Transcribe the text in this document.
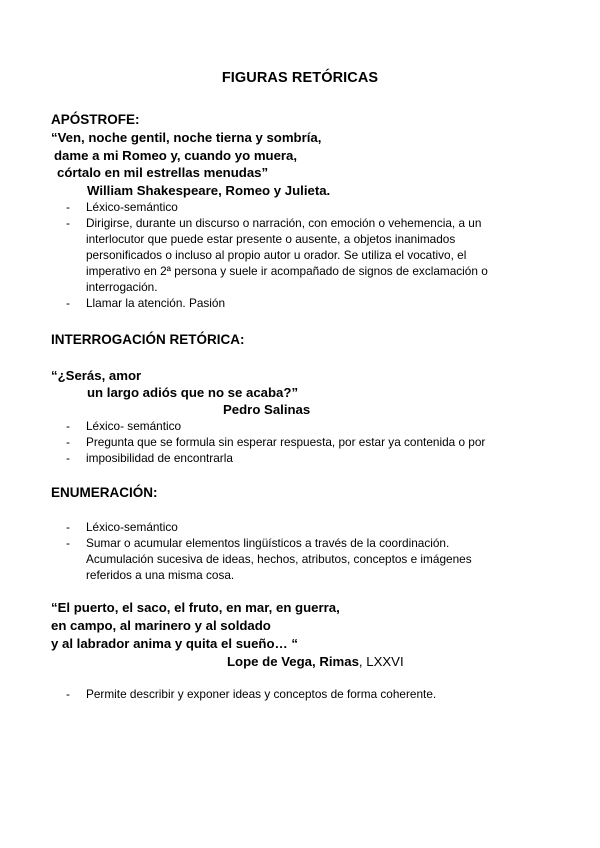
FIGURAS RETÓRICAS
APÓSTROFE:
“Ven, noche gentil, noche tierna y sombría,
dame a mi Romeo y, cuando yo muera,
córtalo en mil estrellas menudas”
William Shakespeare, Romeo y Julieta.
- Léxico-semántico
- Dirigirse, durante un discurso o narración, con emoción o vehemencia, a un
interlocutor que puede estar presente o ausente, a objetos inanimados
personificados o incluso al propio autor u orador. Se utiliza el vocativo, el
imperativo en 2ª persona y suele ir acompañado de signos de exclamación o
interrogación.
- Llamar la atención. Pasión
INTERROGACIÓN RETÓRICA:
“¿Serás, amor
un largo adiós que no se acaba?”
Pedro Salinas
- Léxico- semántico
- Pregunta que se formula sin esperar respuesta, por estar ya contenida o por
- imposibilidad de encontrarla
ENUMERACIÓN:
- Léxico-semántico
- Sumar o acumular elementos lingüísticos a través de la coordinación.
Acumulación sucesiva de ideas, hechos, atributos, conceptos e imágenes
referidos a una misma cosa.
“El puerto, el saco, el fruto, en mar, en guerra,
en campo, al marinero y al soldado
y al labrador anima y quita el sueño… “
Lope de Vega, Rimas, LXXVI
- Permite describir y exponer ideas y conceptos de forma coherente.
